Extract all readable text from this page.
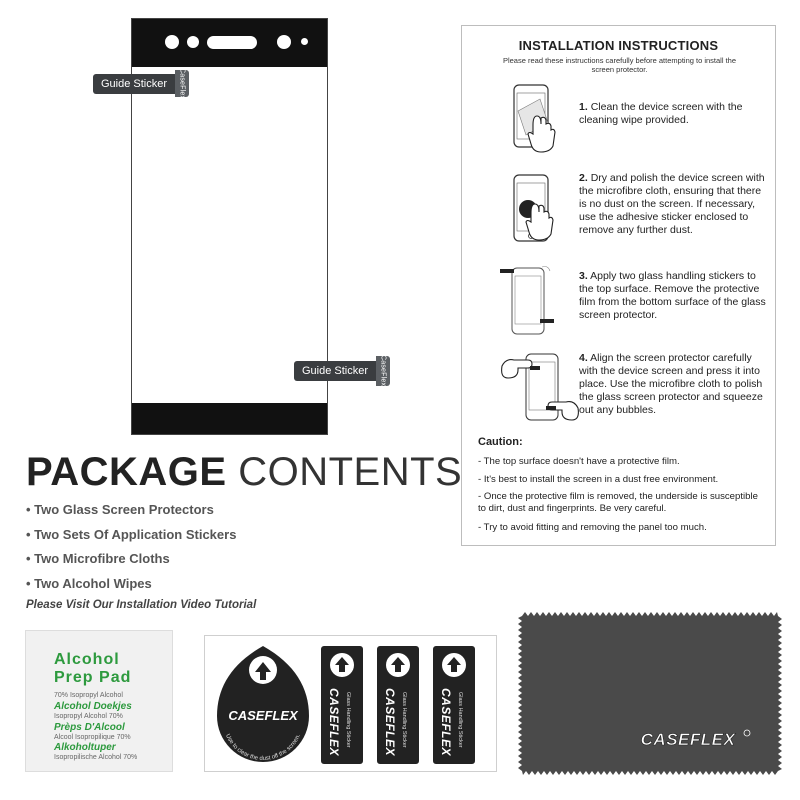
Guide Sticker	CaseFlex
Guide Sticker	CaseFlex
INSTALLATION INSTRUCTIONS
Please read these instructions carefully before attempting to install the screen protector.
1. Clean the device screen with the cleaning wipe provided.
2. Dry and polish the device screen with the microfibre cloth, ensuring that there is no dust on the screen. If necessary, use the adhesive sticker enclosed to remove any further dust.
3. Apply two glass handling stickers to the top surface. Remove the protective film from the bottom surface of the glass screen protector.
4. Align the screen protector carefully with the device screen and press it into place. Use the microfibre cloth to polish the glass screen protector and squeeze out any bubbles.
Caution:
- The top surface doesn't have a protective film.
- It's best to install the screen in a dust free environment.
- Once the protective film is removed, the underside is susceptible to dirt, dust and fingerprints. Be very careful.
- Try to avoid fitting and removing the panel too much.
PACKAGE CONTENTS
• Two Glass Screen Protectors
• Two Sets Of Application Stickers
• Two Microfibre Cloths
• Two Alcohol Wipes
Please Visit Our Installation Video Tutorial
Alcohol
Prep Pad
70% Isopropyl Alcohol
Alcohol Doekjes
Isopropyl Alcohol 70%
Prèps D'Alcool
Alcool Isopropilique 70%
Alkoholtuper
Isopropilische Alcohol 70%
CASEFLEX
Use to clear the dust off the screen. CASEFLEX Glass Handling Sticker	CASEFLEX Glass Handling Sticker	CASEFLEX Glass Handling Sticker	CASEFLEX
